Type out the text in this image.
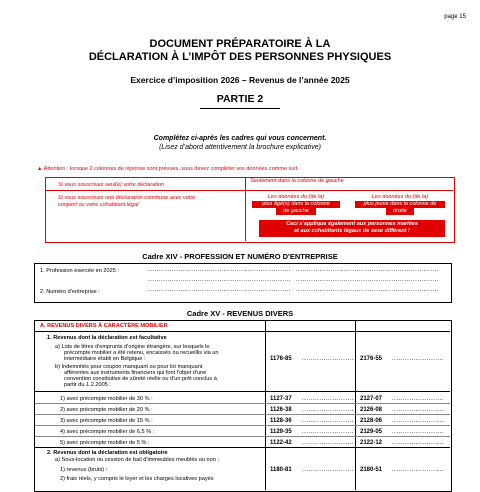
page 15
DOCUMENT PRÉPARATOIRE À LA
DÉCLARATION À L’IMPÔT DES PERSONNES PHYSIQUES
Exercice d’imposition 2026 – Revenus de l’année 2025
PARTIE 2
Complétez ci-après les cadres qui vous concernent.
(Lisez d’abord attentivement la brochure explicative)
▲ Attention : lorsque 2 colonnes de réponse sont prévues, vous devez compléter vos données comme suit.
Si vous souscrivez seul(e) votre déclaration
Seulement dans la colonne de gauche
Si vous souscrivez une déclaration commune avec votre
conjoint ou votre cohabitant légal
Les données du (de la)
plus âgé(e) dans la colonne
de gauche
Les données du (de la)
plus jeune dans la colonne de
droite
Ceci s’applique également aux personnes mariées
et aux cohabitants légaux de sexe différent !
Cadre XIV - PROFESSION ET NUMÉRO D'ENTREPRISE
1. Profession exercée en 2025 :
2. Numéro d'entreprise :
..................................................................
..................................................................
..................................................................
..................................................................
..................................................................
..................................................................
Cadre XV - REVENUS DIVERS
A. REVENUS DIVERS À CARACTÈRE MOBILIER
1. Revenus dont la déclaration est facultative
a) Lots de titres d'emprunts d'origine étrangère, sur lesquels le
précompte mobilier a été retenu, encaissés ou recueillis via un
intermédiaire établi en Belgique :
b) Indemnités pour coupon manquant ou pour lot manquant
afférentes aux instruments financiers qui font l'objet d'une
convention constitutive de sûreté réelle ou d'un prêt conclus à
partir du 1.2.2005 :
1176-85 ........................ 2176-55 ........................
1) avec précompte mobilier de 30 % :	1127-37 ........................ 2127-07 ........................
2) avec précompte mobilier de 20 % :	1126-38 ........................ 2126-08 ........................
3) avec précompte mobilier de 15 % :	1128-36 ........................ 2128-06 ........................
4) avec précompte mobilier de 6,5 % :	1129-35 ........................ 2129-05 ........................
5) avec précompte mobilier de 5 % :	1122-42 ........................ 2122-12 ........................
2. Revenus dont la déclaration est obligatoire
a) Sous-location ou cession de bail d'immeubles meublés ou non :
1) revenus (bruts) :	1180-81 ........................ 2180-51 ........................
2) frais réels, y compris le loyer et les charges locatives payés
